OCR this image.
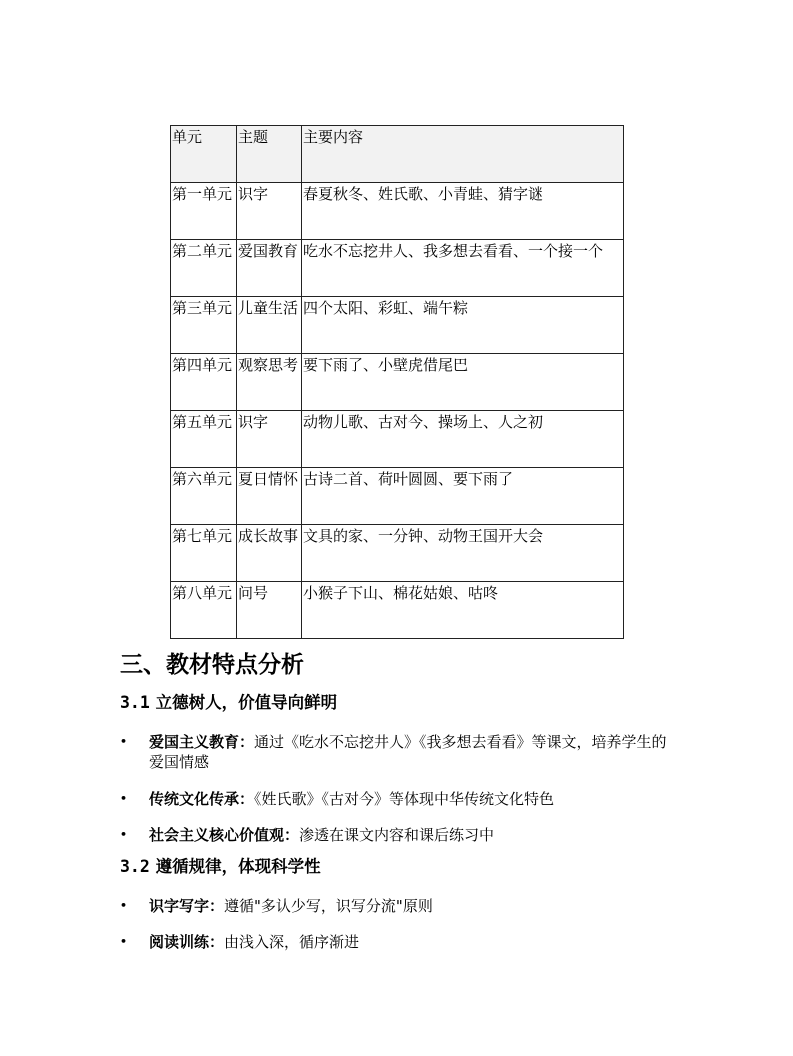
单元	主题	主要内容
第一单元	识字	春夏秋冬、姓氏歌、小青蛙、猜字谜
第二单元	爱国教育	吃水不忘挖井人、我多想去看看、一个接一个
第三单元	儿童生活	四个太阳、彩虹、端午粽
第四单元	观察思考	要下雨了、小壁虎借尾巴
第五单元	识字	动物儿歌、古对今、操场上、人之初
第六单元	夏日情怀	古诗二首、荷叶圆圆、要下雨了
第七单元	成长故事	文具的家、一分钟、动物王国开大会
第八单元	问号	小猴子下山、棉花姑娘、咕咚
三、教材特点分析
3.1 立德树人，价值导向鲜明
• 爱国主义教育：通过《吃水不忘挖井人》《我多想去看看》等课文，培养学生的爱国情感
• 传统文化传承：《姓氏歌》《古对今》等体现中华传统文化特色
• 社会主义核心价值观：渗透在课文内容和课后练习中
3.2 遵循规律，体现科学性
• 识字写字：遵循"多认少写，识写分流"原则
• 阅读训练：由浅入深，循序渐进
